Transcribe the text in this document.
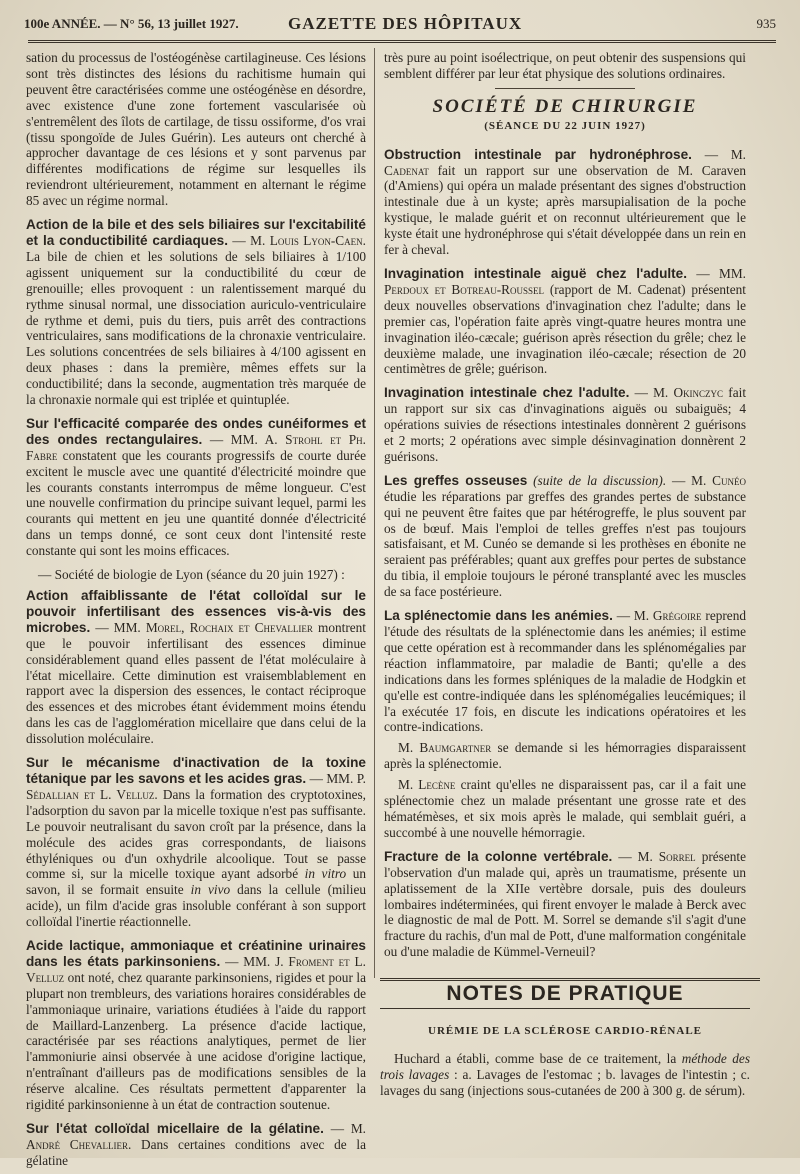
100e ANNÉE. — N° 56, 13 juillet 1927.	GAZETTE DES HÔPITAUX	935

sation du processus de l'ostéogénèse cartilagineuse. Ces lésions sont très distinctes des lésions du rachitisme humain qui peuvent être caractérisées comme une ostéogénèse en désordre, avec existence d'une zone fortement vascularisée où s'entremêlent des îlots de cartilage, de tissu ossiforme, d'os vrai (tissu spongoïde de Jules Guérin). Les auteurs ont cherché à approcher davantage de ces lésions et y sont parvenus par différentes modifications de régime sur lesquelles ils reviendront ultérieurement, notamment en alternant le régime 85 avec un régime normal.

Action de la bile et des sels biliaires sur l'excitabilité et la conductibilité cardiaques. — M. Louis Lyon-Caen. La bile de chien et les solutions de sels biliaires à 1/100 agissent uniquement sur la conductibilité du cœur de grenouille; elles provoquent : un ralentissement marqué du rythme sinusal normal, une dissociation auriculo-ventriculaire de rythme et demi, puis du tiers, puis arrêt des contractions ventriculaires, sans modifications de la chronaxie ventriculaire. Les solutions concentrées de sels biliaires à 4/100 agissent en deux phases : dans la première, mêmes effets sur la conductibilité; dans la seconde, augmentation très marquée de la chronaxie normale qui est triplée et quintuplée.

Sur l'efficacité comparée des ondes cunéiformes et des ondes rectangulaires. — MM. A. Strohl et Ph. Fabre constatent que les courants progressifs de courte durée excitent le muscle avec une quantité d'électricité moindre que les courants constants interrompus de même longueur. C'est une nouvelle confirmation du principe suivant lequel, parmi les courants qui mettent en jeu une quantité donnée d'électricité dans un temps donné, ce sont ceux dont l'intensité reste constante qui sont les moins efficaces.

— Société de biologie de Lyon (séance du 20 juin 1927) :

Action affaiblissante de l'état colloïdal sur le pouvoir infertilisant des essences vis-à-vis des microbes. — MM. Morel, Rochaix et Chevallier montrent que le pouvoir infertilisant des essences diminue considérablement quand elles passent de l'état moléculaire à l'état micellaire. Cette diminution est vraisemblablement en rapport avec la dispersion des essences, le contact réciproque des essences et des microbes étant évidemment moins étendu dans les cas de l'agglomération micellaire que dans celui de la dissolution moléculaire.

Sur le mécanisme d'inactivation de la toxine tétanique par les savons et les acides gras. — MM. P. Sédallian et L. Velluz. Dans la formation des cryptotoxines, l'adsorption du savon par la micelle toxique n'est pas suffisante. Le pouvoir neutralisant du savon croît par la présence, dans la molécule des acides gras correspondants, de liaisons éthyléniques ou d'un oxhydrile alcoolique. Tout se passe comme si, sur la micelle toxique ayant adsorbé in vitro un savon, il se formait ensuite in vivo dans la cellule (milieu acide), un film d'acide gras insoluble conférant à son support colloïdal l'inertie réactionnelle.

Acide lactique, ammoniaque et créatinine urinaires dans les états parkinsoniens. — MM. J. Froment et L. Velluz ont noté, chez quarante parkinsoniens, rigides et pour la plupart non trembleurs, des variations horaires considérables de l'ammoniaque urinaire, variations étudiées à l'aide du rapport de Maillard-Lanzenberg. La présence d'acide lactique, caractérisée par ses réactions analytiques, permet de lier l'ammoniurie ainsi observée à une acidose d'origine lactique, n'entraînant d'ailleurs pas de modifications sensibles de la réserve alcaline. Ces résultats permettent d'apparenter la rigidité parkinsonienne à un état de contraction soutenue.

Sur l'état colloïdal micellaire de la gélatine. — M. André Chevallier. Dans certaines conditions avec de la gélatine

très pure au point isoélectrique, on peut obtenir des suspensions qui semblent différer par leur état physique des solutions ordinaires.

SOCIÉTÉ DE CHIRURGIE
(SÉANCE DU 22 JUIN 1927)

Obstruction intestinale par hydronéphrose. — M. Cadenat fait un rapport sur une observation de M. Caraven (d'Amiens) qui opéra un malade présentant des signes d'obstruction intestinale due à un kyste; après marsupialisation de la poche kystique, le malade guérit et on reconnut ultérieurement que le kyste était une hydronéphrose qui s'était développée dans un rein en fer à cheval.

Invagination intestinale aiguë chez l'adulte. — MM. Perdoux et Botreau-Roussel (rapport de M. Cadenat) présentent deux nouvelles observations d'invagination chez l'adulte; dans le premier cas, l'opération faite après vingt-quatre heures montra une invagination iléo-cæcale; guérison après résection du grêle; chez le deuxième malade, une invagination iléo-cæcale; résection de 20 centimètres de grêle; guérison.

Invagination intestinale chez l'adulte. — M. Okinczyc fait un rapport sur six cas d'invaginations aiguës ou subaiguës; 4 opérations suivies de résections intestinales donnèrent 2 guérisons et 2 morts; 2 opérations avec simple désinvagination donnèrent 2 guérisons.

Les greffes osseuses (suite de la discussion). — M. Cunéo étudie les réparations par greffes des grandes pertes de substance qui ne peuvent être faites que par hétérogreffe, le plus souvent par os de bœuf. Mais l'emploi de telles greffes n'est pas toujours satisfaisant, et M. Cunéo se demande si les prothèses en ébonite ne seraient pas préférables; quant aux greffes pour pertes de substance du tibia, il emploie toujours le péroné transplanté avec les muscles de sa face postérieure.

La splénectomie dans les anémies. — M. Grégoire reprend l'étude des résultats de la splénectomie dans les anémies; il estime que cette opération est à recommander dans les splénomégalies par réaction inflammatoire, par maladie de Banti; qu'elle a des indications dans les formes spléniques de la maladie de Hodgkin et qu'elle est contre-indiquée dans les splénomégalies leucémiques; il l'a exécutée 17 fois, en discute les indications opératoires et les contre-indications.

M. Baumgartner se demande si les hémorragies disparaissent après la splénectomie.

M. Lecène craint qu'elles ne disparaissent pas, car il a fait une splénectomie chez un malade présentant une grosse rate et des hématémèses, et six mois après le malade, qui semblait guéri, a succombé à une nouvelle hémorragie.

Fracture de la colonne vertébrale. — M. Sorrel présente l'observation d'un malade qui, après un traumatisme, présente un aplatissement de la XIIe vertèbre dorsale, puis des douleurs lombaires indéterminées, qui firent envoyer le malade à Berck avec le diagnostic de mal de Pott. M. Sorrel se demande s'il s'agit d'une fracture du rachis, d'un mal de Pott, d'une malformation congénitale ou d'une maladie de Kümmel-Verneuil?

NOTES DE PRATIQUE
URÉMIE DE LA SCLÉROSE CARDIO-RÉNALE

Huchard a établi, comme base de ce traitement, la méthode des trois lavages : a. Lavages de l'estomac ; b. lavages de l'intestin ; c. lavages du sang (injections sous-cutanées de 200 à 300 g. de sérum).
